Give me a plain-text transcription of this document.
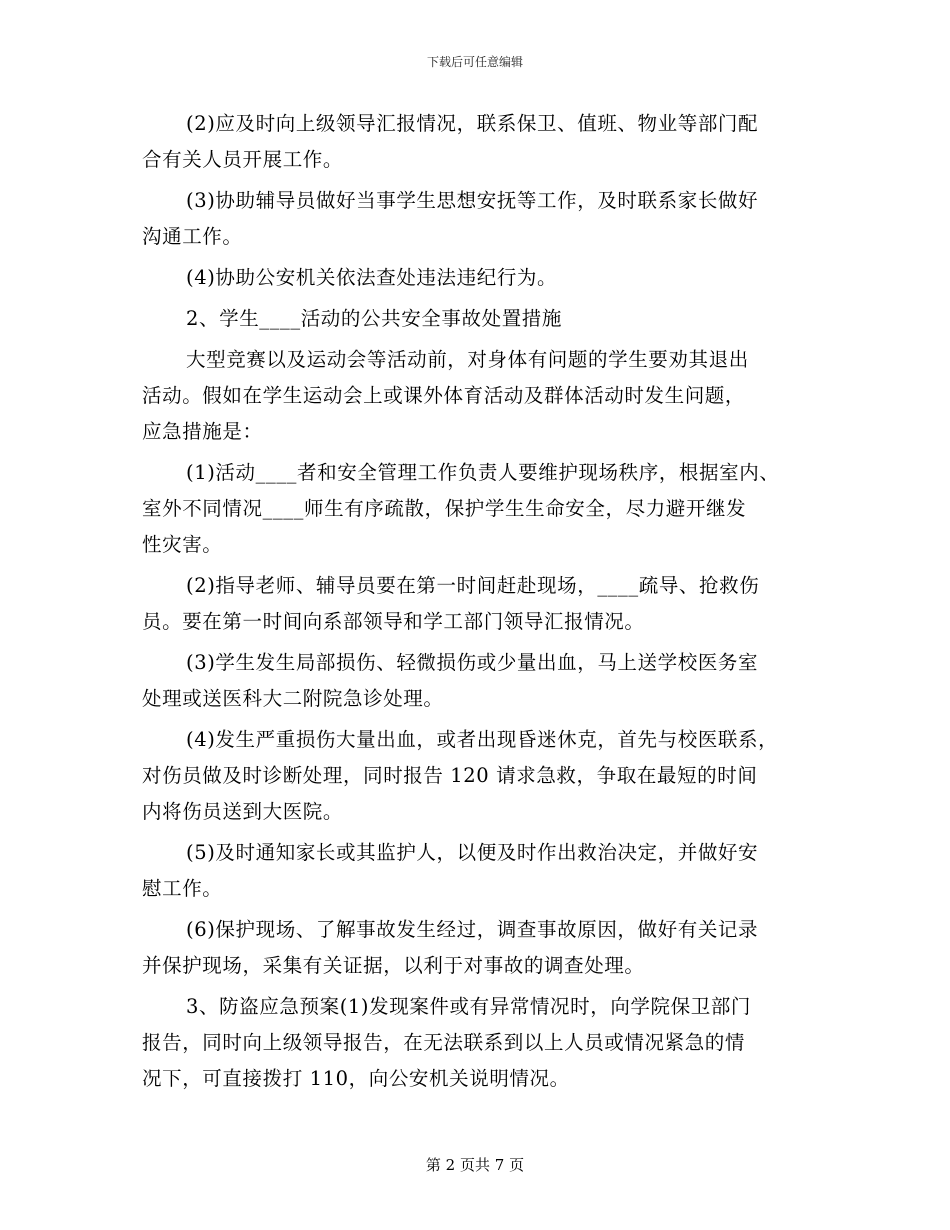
下载后可任意编辑
(2)应及时向上级领导汇报情况，联系保卫、值班、物业等部门配
合有关人员开展工作。
(3)协助辅导员做好当事学生思想安抚等工作，及时联系家长做好
沟通工作。
(4)协助公安机关依法查处违法违纪行为。
2、学生____活动的公共安全事故处置措施
大型竞赛以及运动会等活动前，对身体有问题的学生要劝其退出
活动。假如在学生运动会上或课外体育活动及群体活动时发生问题，
应急措施是：
(1)活动____者和安全管理工作负责人要维护现场秩序，根据室内、
室外不同情况____师生有序疏散，保护学生生命安全，尽力避开继发
性灾害。
(2)指导老师、辅导员要在第一时间赶赴现场，____疏导、抢救伤
员。要在第一时间向系部领导和学工部门领导汇报情况。
(3)学生发生局部损伤、轻微损伤或少量出血，马上送学校医务室
处理或送医科大二附院急诊处理。
(4)发生严重损伤大量出血，或者出现昏迷休克，首先与校医联系，
对伤员做及时诊断处理，同时报告 120 请求急救，争取在最短的时间
内将伤员送到大医院。
(5)及时通知家长或其监护人，以便及时作出救治决定，并做好安
慰工作。
(6)保护现场、了解事故发生经过，调查事故原因，做好有关记录
并保护现场，采集有关证据，以利于对事故的调查处理。
3、防盗应急预案(1)发现案件或有异常情况时，向学院保卫部门
报告，同时向上级领导报告，在无法联系到以上人员或情况紧急的情
况下，可直接拨打 110，向公安机关说明情况。
第 2 页共 7 页
